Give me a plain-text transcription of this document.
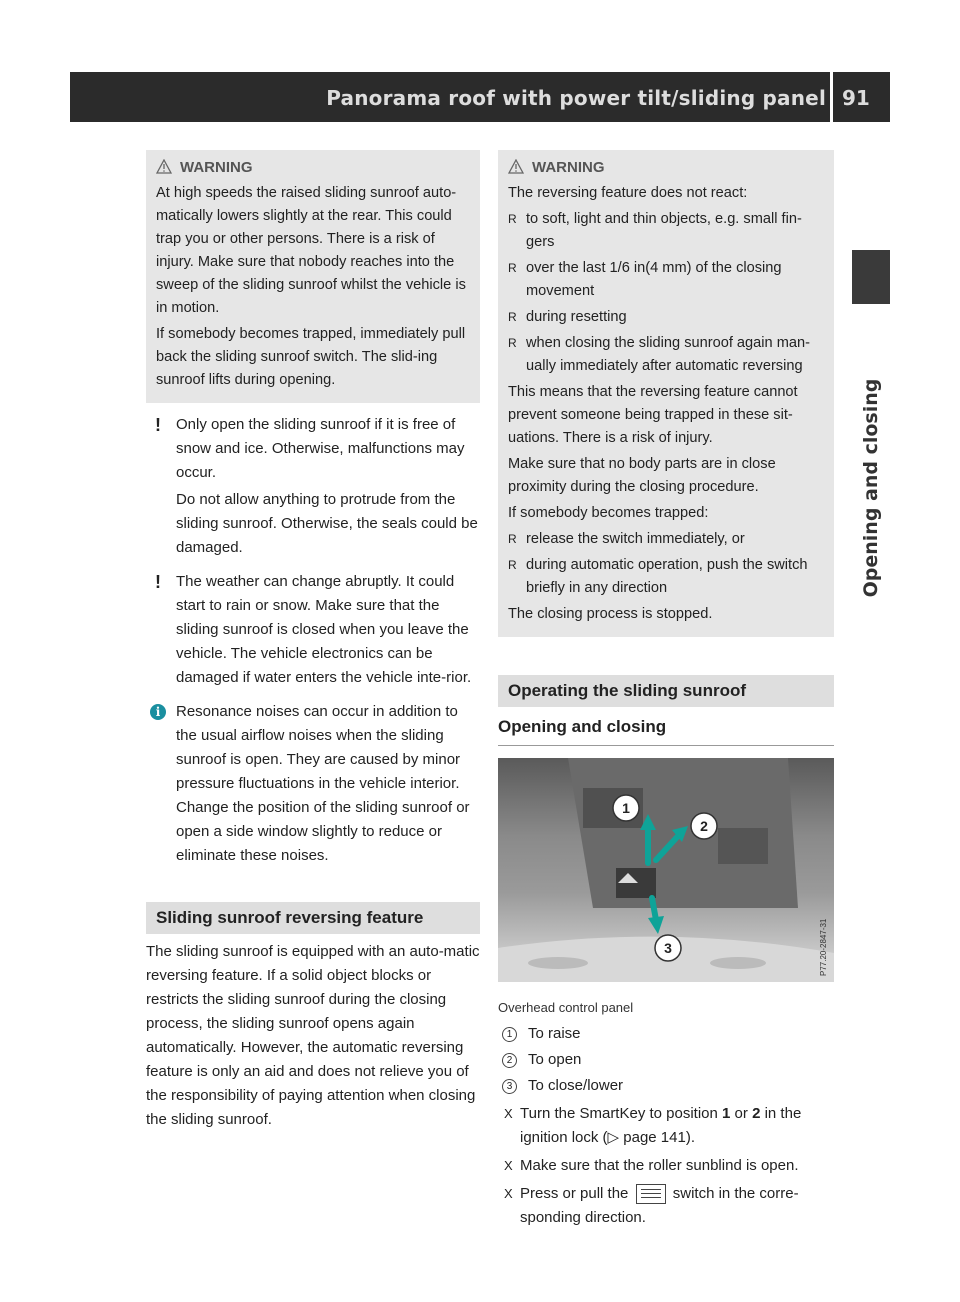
Panorama roof with power tilt/sliding panel 91
Opening and closing
WARNING

At high speeds the raised sliding sunroof auto-matically lowers slightly at the rear. This could trap you or other persons. There is a risk of injury. Make sure that nobody reaches into the sweep of the sliding sunroof whilst the vehicle is in motion.

If somebody becomes trapped, immediately pull back the sliding sunroof switch. The slid-ing sunroof lifts during opening.

!	Only open the sliding sunroof if it is free of snow and ice. Otherwise, malfunctions may occur.

Do not allow anything to protrude from the sliding sunroof. Otherwise, the seals could be damaged.

!	The weather can change abruptly. It could start to rain or snow. Make sure that the sliding sunroof is closed when you leave the vehicle. The vehicle electronics can be damaged if water enters the vehicle inte-rior.

i	Resonance noises can occur in addition to the usual airflow noises when the sliding sunroof is open. They are caused by minor pressure fluctuations in the vehicle interior. Change the position of the sliding sunroof or open a side window slightly to reduce or eliminate these noises.

Sliding sunroof reversing feature

The sliding sunroof is equipped with an auto-matic reversing feature. If a solid object blocks or restricts the sliding sunroof during the closing process, the sliding sunroof opens again automatically. However, the automatic reversing feature is only an aid and does not relieve you of the responsibility of paying attention when closing the sliding sunroof.

WARNING

The reversing feature does not react:

R to soft, light and thin objects, e.g. small fin-gers
R over the last 1/6 in(4 mm) of the closing movement
R during resetting
R when closing the sliding sunroof again man-ually immediately after automatic reversing

This means that the reversing feature cannot prevent someone being trapped in these sit-uations. There is a risk of injury.

Make sure that no body parts are in close proximity during the closing procedure.

If somebody becomes trapped:

R release the switch immediately, or
R during automatic operation, push the switch briefly in any direction

The closing process is stopped.

Operating the sliding sunroof
Opening and closing
1
2
3	P77.20-2847-31
Overhead control panel
1	To raise
2	To open
3	To close/lower
X Turn the SmartKey to position 1 or 2 in the ignition lock (▷ page 141).
X Make sure that the roller sunblind is open.
X Press or pull the
switch in the corre-sponding direction.
